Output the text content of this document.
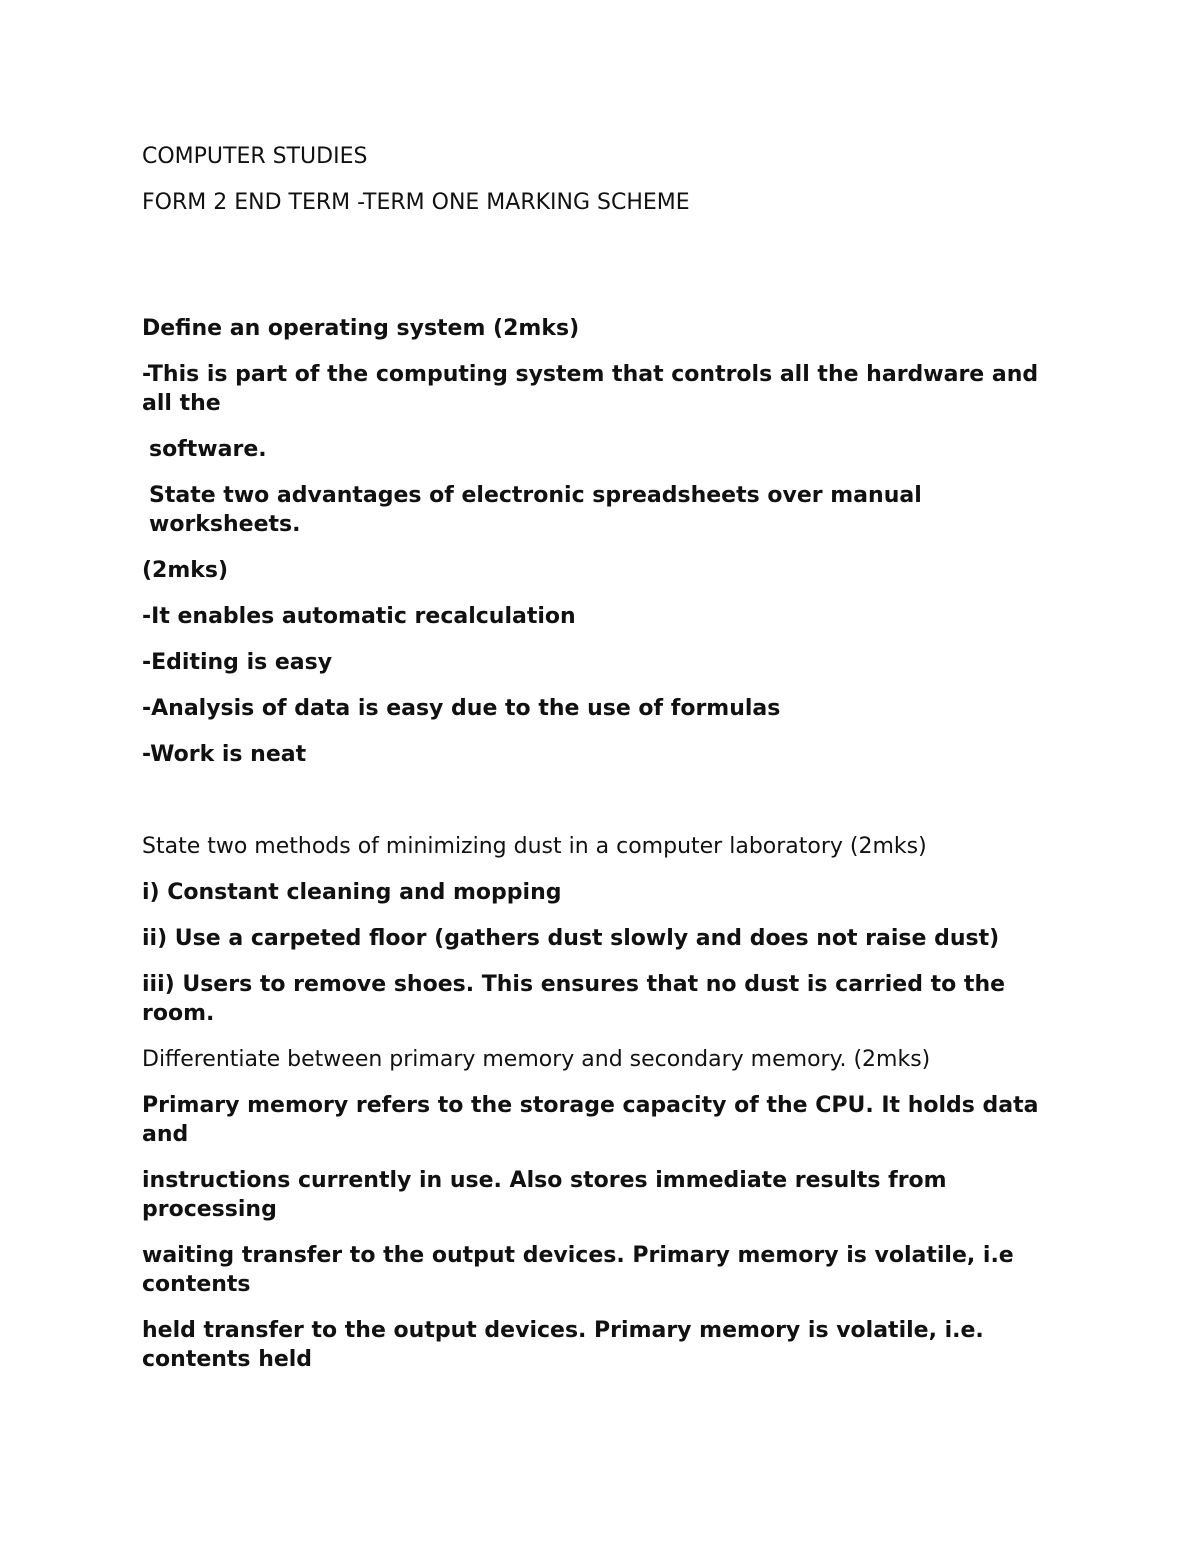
COMPUTER STUDIES

FORM 2 END TERM -TERM ONE MARKING SCHEME

Define an operating system (2mks)

-This is part of the computing system that controls all the hardware and all the

software.

State two advantages of electronic spreadsheets over manual worksheets.

(2mks)

-It enables automatic recalculation

-Editing is easy

-Analysis of data is easy due to the use of formulas

-Work is neat

State two methods of minimizing dust in a computer laboratory (2mks)

i) Constant cleaning and mopping

ii) Use a carpeted floor (gathers dust slowly and does not raise dust)

iii) Users to remove shoes. This ensures that no dust is carried to the room.

Differentiate between primary memory and secondary memory. (2mks)

Primary memory refers to the storage capacity of the CPU. It holds data and

instructions currently in use. Also stores immediate results from processing

waiting transfer to the output devices. Primary memory is volatile, i.e contents

held transfer to the output devices. Primary memory is volatile, i.e. contents held
